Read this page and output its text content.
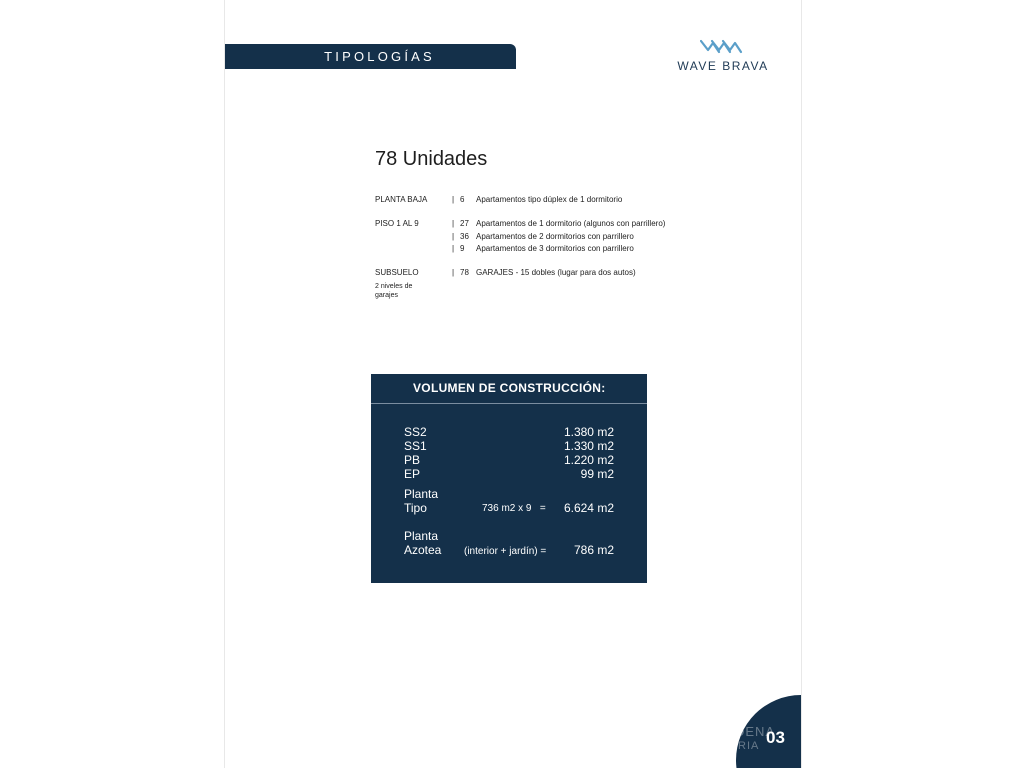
TIPOLOGÍAS
WAVE BRAVA
78 Unidades
PLANTA BAJA	| 6	Apartamentos tipo dúplex de 1 dormitorio
PISO 1 AL 9	| 27 Apartamentos de 1 dormitorio (algunos con parrillero)
| 36 Apartamentos de 2 dormitorios con parrillero
| 9	Apartamentos de 3 dormitorios con parrillero
SUBSUELO	| 78 GARAJES - 15 dobles (lugar para dos autos)
2 niveles de garajes
VOLUMEN DE CONSTRUCCIÓN:
SS2	1.380 m2
SS1	1.330 m2
PB	1.220 m2
EP	99 m2
Planta
Tipo	736 m2 x 9 = 6.624 m2
Planta
Azotea (interior + jardín) = 786 m2
DENA
RIA 03
